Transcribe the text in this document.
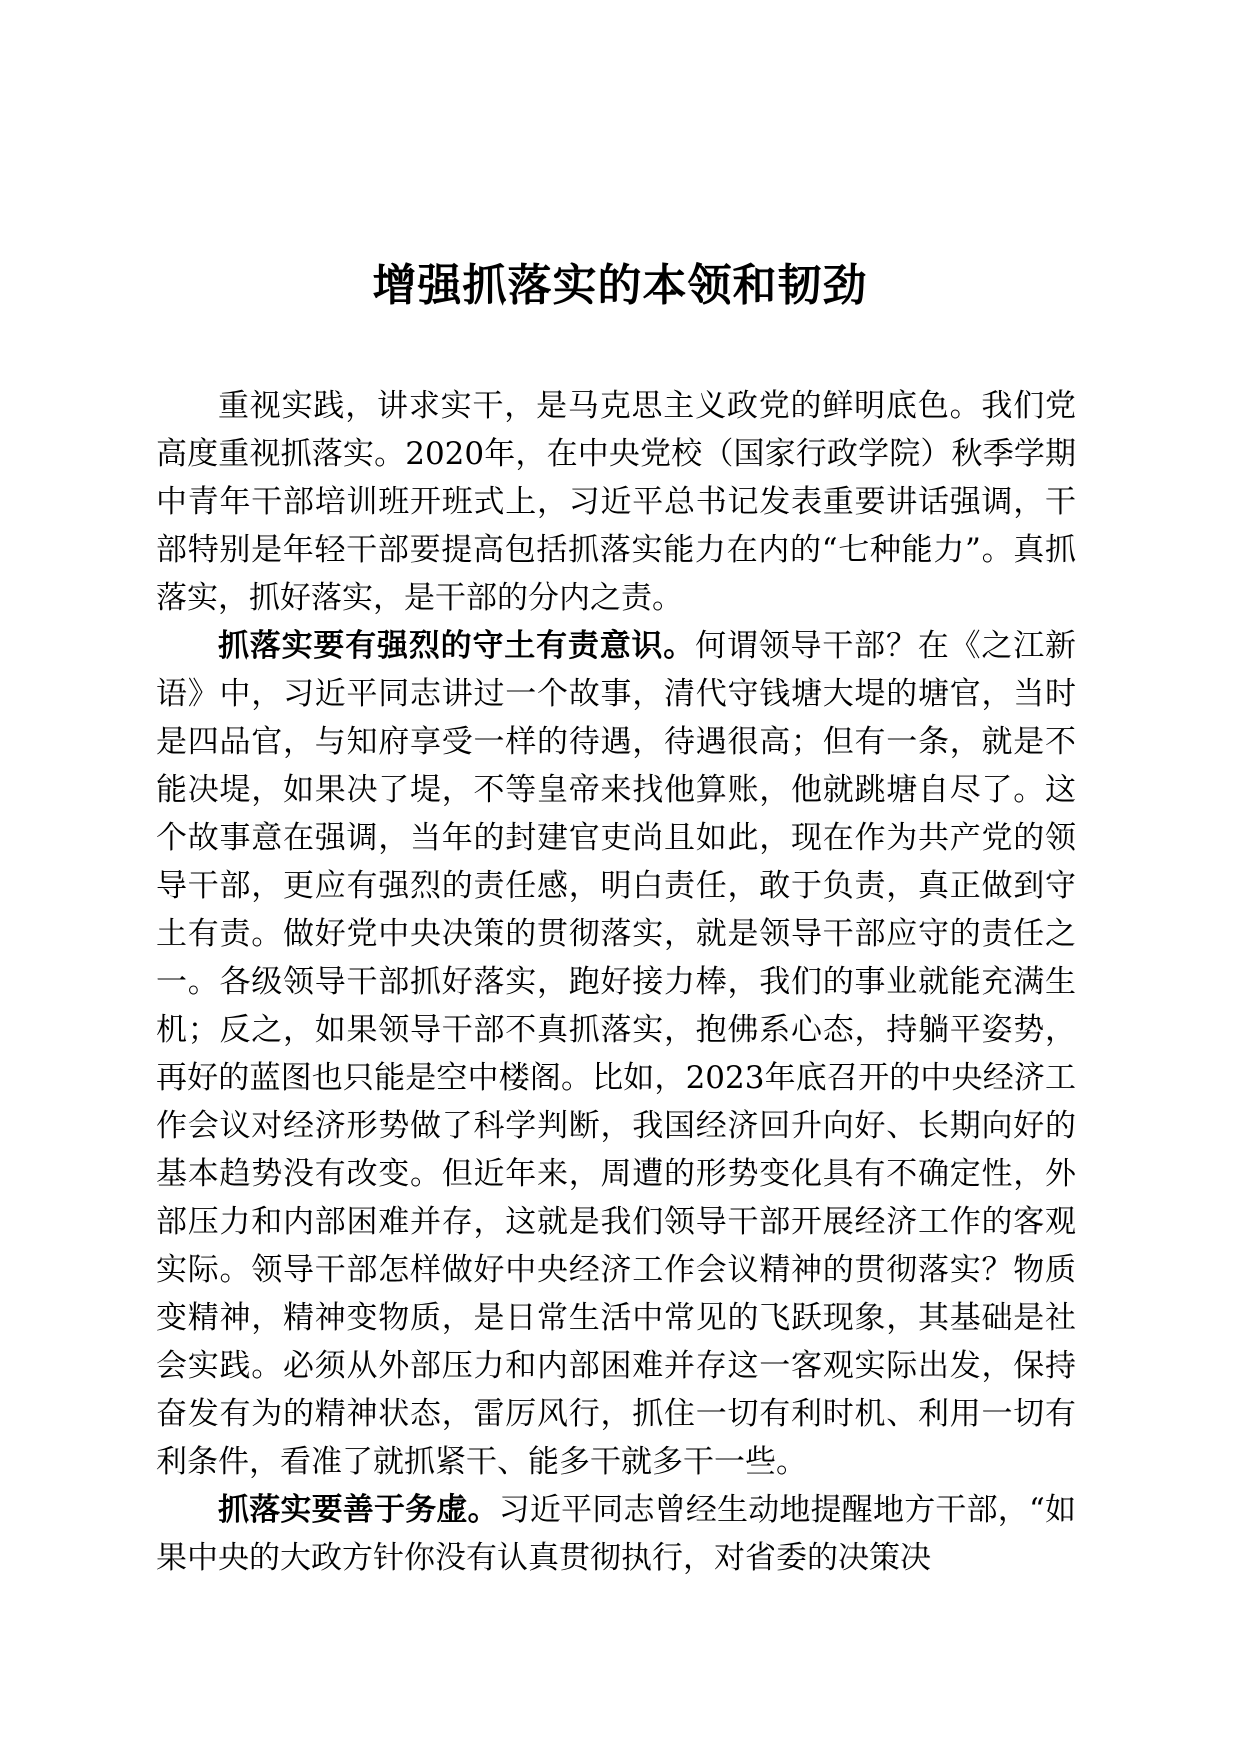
增强抓落实的本领和韧劲

重视实践，讲求实干，是马克思主义政党的鲜明底色。我们党高度重视抓落实。2020年，在中央党校（国家行政学院）秋季学期中青年干部培训班开班式上，习近平总书记发表重要讲话强调，干部特别是年轻干部要提高包括抓落实能力在内的“七种能力”。真抓落实，抓好落实，是干部的分内之责。

抓落实要有强烈的守土有责意识。何谓领导干部？在《之江新语》中，习近平同志讲过一个故事，清代守钱塘大堤的塘官，当时是四品官，与知府享受一样的待遇，待遇很高；但有一条，就是不能决堤，如果决了堤，不等皇帝来找他算账，他就跳塘自尽了。这个故事意在强调，当年的封建官吏尚且如此，现在作为共产党的领导干部，更应有强烈的责任感，明白责任，敢于负责，真正做到守土有责。做好党中央决策的贯彻落实，就是领导干部应守的责任之一。各级领导干部抓好落实，跑好接力棒，我们的事业就能充满生机；反之，如果领导干部不真抓落实，抱佛系心态，持躺平姿势，再好的蓝图也只能是空中楼阁。比如，2023年底召开的中央经济工作会议对经济形势做了科学判断，我国经济回升向好、长期向好的基本趋势没有改变。但近年来，周遭的形势变化具有不确定性，外部压力和内部困难并存，这就是我们领导干部开展经济工作的客观实际。领导干部怎样做好中央经济工作会议精神的贯彻落实？物质变精神，精神变物质，是日常生活中常见的飞跃现象，其基础是社会实践。必须从外部压力和内部困难并存这一客观实际出发，保持奋发有为的精神状态，雷厉风行，抓住一切有利时机、利用一切有利条件，看准了就抓紧干、能多干就多干一些。

抓落实要善于务虚。习近平同志曾经生动地提醒地方干部，“如果中央的大政方针你没有认真贯彻执行，对省委的决策决
